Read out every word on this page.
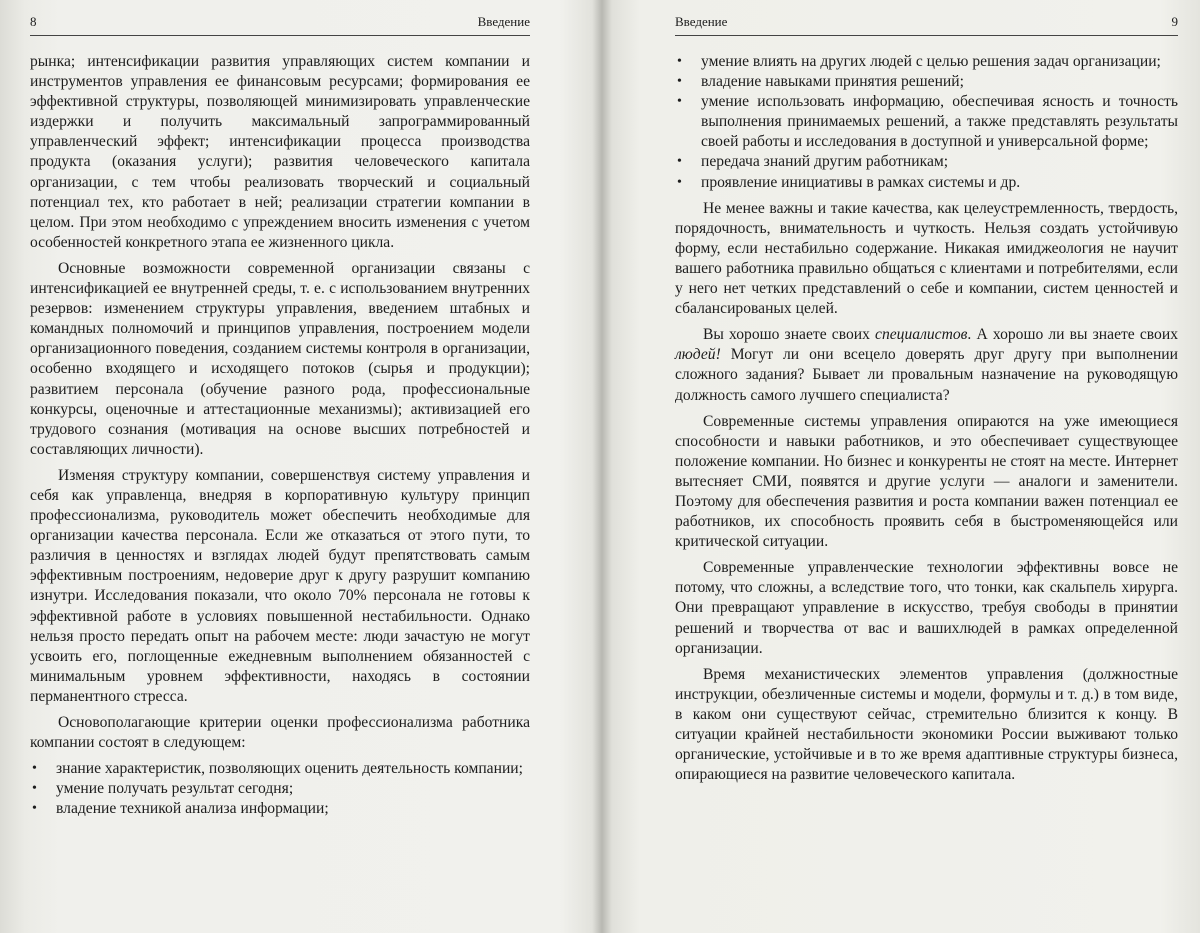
8	Введение

рынка; интенсификации развития управляющих систем компании и инструментов управления ее финансовым ресурсами; формирования ее эффективной структуры, позволяющей минимизировать управленческие издержки и получить максимальный запрограммированный управленческий эффект; интенсификации процесса производства продукта (оказания услуги); развития человеческого капитала организации, с тем чтобы реализовать творческий и социальный потенциал тех, кто работает в ней; реализации стратегии компании в целом. При этом необходимо с упреждением вносить изменения с учетом особенностей конкретного этапа ее жизненного цикла.

Основные возможности современной организации связаны с интенсификацией ее внутренней среды, т. е. с использованием внутренних резервов: изменением структуры управления, введением штабных и командных полномочий и принципов управления, построением модели организационного поведения, созданием системы контроля в организации, особенно входящего и исходящего потоков (сырья и продукции); развитием персонала (обучение разного рода, профессиональные конкурсы, оценочные и аттестационные механизмы); активизацией его трудового сознания (мотивация на основе высших потребностей и составляющих личности).

Изменяя структуру компании, совершенствуя систему управления и себя как управленца, внедряя в корпоративную культуру принцип профессионализма, руководитель может обеспечить необходимые для организации качества персонала. Если же отказаться от этого пути, то различия в ценностях и взглядах людей будут препятствовать самым эффективным построениям, недоверие друг к другу разрушит компанию изнутри. Исследования показали, что около 70% персонала не готовы к эффективной работе в условиях повышенной нестабильности. Однако нельзя просто передать опыт на рабочем месте: люди зачастую не могут усвоить его, поглощенные ежедневным выполнением обязанностей с минимальным уровнем эффективности, находясь в состоянии перманентного стресса.

Основополагающие критерии оценки профессионализма работника компании состоят в следующем:

• знание характеристик, позволяющих оценить деятельность компании;
• умение получать результат сегодня;
• владение техникой анализа информации;
Введение	9
• умение влиять на других людей с целью решения задач организации;
• владение навыками принятия решений;
• умение использовать информацию, обеспечивая ясность и точность выполнения принимаемых решений, а также представлять результаты своей работы и исследования в доступной и универсальной форме;
• передача знаний другим работникам;
• проявление инициативы в рамках системы и др.

Не менее важны и такие качества, как целеустремленность, твердость, порядочность, внимательность и чуткость. Нельзя создать устойчивую форму, если нестабильно содержание. Никакая имиджеология не научит вашего работника правильно общаться с клиентами и потребителями, если у него нет четких представлений о себе и компании, систем ценностей и сбалансированых целей.

Вы хорошо знаете своих специалистов. А хорошо ли вы знаете своих людей! Могут ли они всецело доверять друг другу при выполнении сложного задания? Бывает ли провальным назначение на руководящую должность самого лучшего специалиста?

Современные системы управления опираются на уже имеющиеся способности и навыки работников, и это обеспечивает существующее положение компании. Но бизнес и конкуренты не стоят на месте. Интернет вытесняет СМИ, появятся и другие услуги — аналоги и заменители. Поэтому для обеспечения развития и роста компании важен потенциал ее работников, их способность проявить себя в быстроменяющейся или критической ситуации.

Современные управленческие технологии эффективны вовсе не потому, что сложны, а вследствие того, что тонки, как скальпель хирурга. Они превращают управление в искусство, требуя свободы в принятии решений и творчества от вас и вашихлюдей в рамках определенной организации.

Время механистических элементов управления (должностные инструкции, обезличенные системы и модели, формулы и т. д.) в том виде, в каком они существуют сейчас, стремительно близится к концу. В ситуации крайней нестабильности экономики России выживают только органические, устойчивые и в то же время адаптивные структуры бизнеса, опирающиеся на развитие человеческого капитала.
